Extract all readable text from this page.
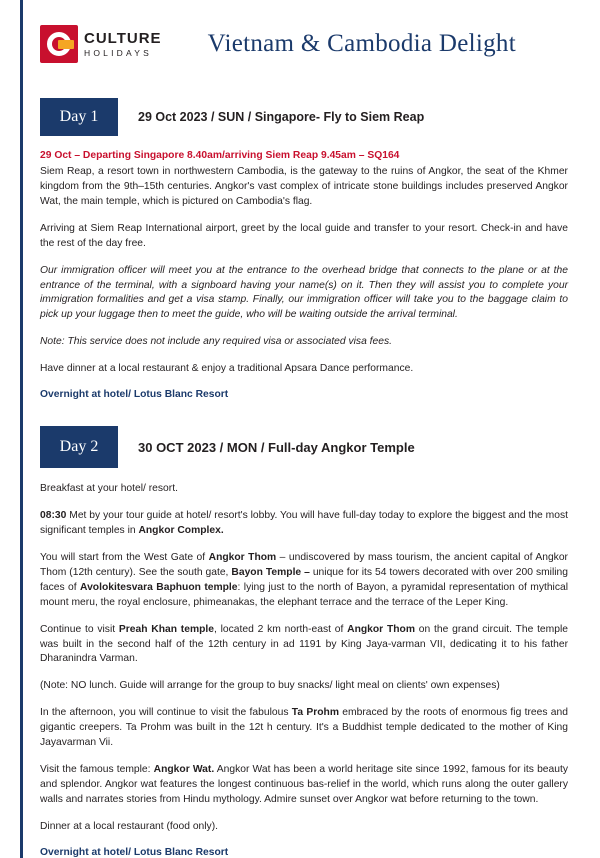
CULTURE
HOLIDAYS	Vietnam & Cambodia Delight
Day 1	29 Oct 2023 / SUN / Singapore- Fly to Siem Reap

29 Oct – Departing Singapore 8.40am/arriving Siem Reap 9.45am – SQ164

Siem Reap, a resort town in northwestern Cambodia, is the gateway to the ruins of Angkor, the seat of the Khmer kingdom from the 9th–15th centuries. Angkor's vast complex of intricate stone buildings includes preserved Angkor Wat, the main temple, which is pictured on Cambodia's flag.

Arriving at Siem Reap International airport, greet by the local guide and transfer to your resort. Check-in and have the rest of the day free.

Our immigration officer will meet you at the entrance to the overhead bridge that connects to the plane or at the entrance of the terminal, with a signboard having your name(s) on it. Then they will assist you to complete your immigration formalities and get a visa stamp. Finally, our immigration officer will take you to the baggage claim to pick up your luggage then to meet the guide, who will be waiting outside the arrival terminal.

Note: This service does not include any required visa or associated visa fees.

Have dinner at a local restaurant & enjoy a traditional Apsara Dance performance.

Overnight at hotel/ Lotus Blanc Resort

Day 2	30 OCT 2023 / MON / Full-day Angkor Temple

Breakfast at your hotel/ resort.

08:30 Met by your tour guide at hotel/ resort's lobby. You will have full-day today to explore the biggest and the most significant temples in Angkor Complex.

You will start from the West Gate of Angkor Thom – undiscovered by mass tourism, the ancient capital of Angkor Thom (12th century). See the south gate, Bayon Temple – unique for its 54 towers decorated with over 200 smiling faces of Avolokitesvara Baphuon temple: lying just to the north of Bayon, a pyramidal representation of mythical mount meru, the royal enclosure, phimeanakas, the elephant terrace and the terrace of the Leper King.

Continue to visit Preah Khan temple, located 2 km north-east of Angkor Thom on the grand circuit. The temple was built in the second half of the 12th century in ad 1191 by King Jaya-varman VII, dedicating it to his father Dharanindra Varman.

(Note: NO lunch. Guide will arrange for the group to buy snacks/ light meal on clients' own expenses)

In the afternoon, you will continue to visit the fabulous Ta Prohm embraced by the roots of enormous fig trees and gigantic creepers. Ta Prohm was built in the 12t h century. It's a Buddhist temple dedicated to the mother of King Jayavarman Vii.

Visit the famous temple: Angkor Wat. Angkor Wat has been a world heritage site since 1992, famous for its beauty and splendor. Angkor wat features the longest continuous bas-relief in the world, which runs along the outer gallery walls and narrates stories from Hindu mythology. Admire sunset over Angkor wat before returning to the town.

Dinner at a local restaurant (food only).

Overnight at hotel/ Lotus Blanc Resort
